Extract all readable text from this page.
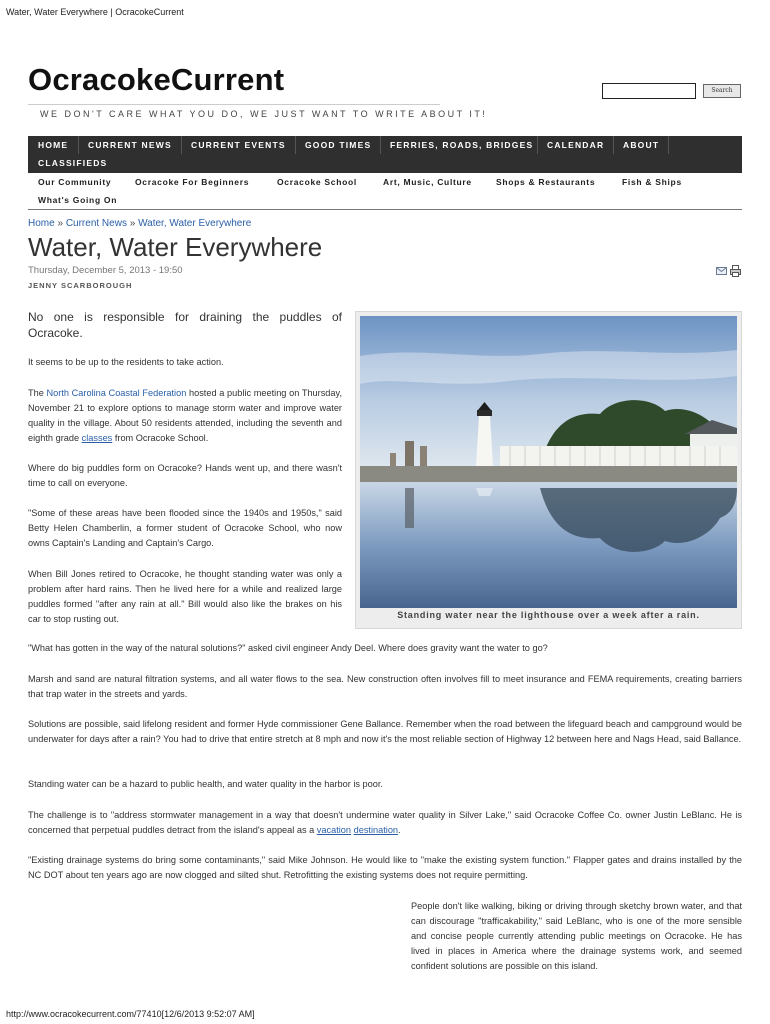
Water, Water Everywhere | OcracokeCurrent
OcracokeCurrent	Search
WE DON'T CARE WHAT YOU DO, WE JUST WANT TO WRITE ABOUT IT!
HOME CURRENT NEWS CURRENT EVENTS GOOD TIMES FERRIES, ROADS, BRIDGES CALENDAR ABOUT
CLASSIFIEDS
Our Community	Ocracoke For Beginners	Ocracoke School	Art, Music, Culture	Shops & Restaurants	Fish & Ships
What's Going On
Home » Current News » Water, Water Everywhere
Water, Water Everywhere
Thursday, December 5, 2013 - 19:50
JENNY SCARBOROUGH
No one is responsible for draining the puddles of Ocracoke.
It seems to be up to the residents to take action.
The North Carolina Coastal Federation hosted a public meeting on Thursday, November 21 to explore options to manage storm water and improve water quality in the village. About 50 residents attended, including the seventh and eighth grade classes from Ocracoke School.
Where do big puddles form on Ocracoke? Hands went up, and there wasn't time to call on everyone.
"Some of these areas have been flooded since the 1940s and 1950s," said Betty Helen Chamberlin, a former student of Ocracoke School, who now owns Captain's Landing and Captain's Cargo.
When Bill Jones retired to Ocracoke, he thought standing water was only a problem after hard rains. Then he lived here for a while and realized large puddles formed "after any rain at all." Bill would also like the brakes on his car to stop rusting out.	Standing water near the lighthouse over a week after a rain.
"What has gotten in the way of the natural solutions?" asked civil engineer Andy Deel. Where does gravity want the water to go?
Marsh and sand are natural filtration systems, and all water flows to the sea. New construction often involves fill to meet insurance and FEMA requirements, creating barriers that trap water in the streets and yards.
Solutions are possible, said lifelong resident and former Hyde commissioner Gene Ballance. Remember when the road between the lifeguard beach and campground would be underwater for days after a rain? You had to drive that entire stretch at 8 mph and now it's the most reliable section of Highway 12 between here and Nags Head, said Ballance.
Standing water can be a hazard to public health, and water quality in the harbor is poor.
The challenge is to "address stormwater management in a way that doesn't undermine water quality in Silver Lake," said Ocracoke Coffee Co. owner Justin LeBlanc. He is concerned that perpetual puddles detract from the island's appeal as a vacation destination.
"Existing drainage systems do bring some contaminants," said Mike Johnson. He would like to "make the existing system function." Flapper gates and drains installed by the NC DOT about ten years ago are now clogged and silted shut. Retrofitting the existing systems does not require permitting.
People don't like walking, biking or driving through sketchy brown water, and that can discourage "trafficakability," said LeBlanc, who is one of the more sensible and concise people currently attending public meetings on Ocracoke. He has lived in places in America where the drainage systems work, and seemed confident solutions are possible on this island.
http://www.ocracokecurrent.com/77410[12/6/2013 9:52:07 AM]
